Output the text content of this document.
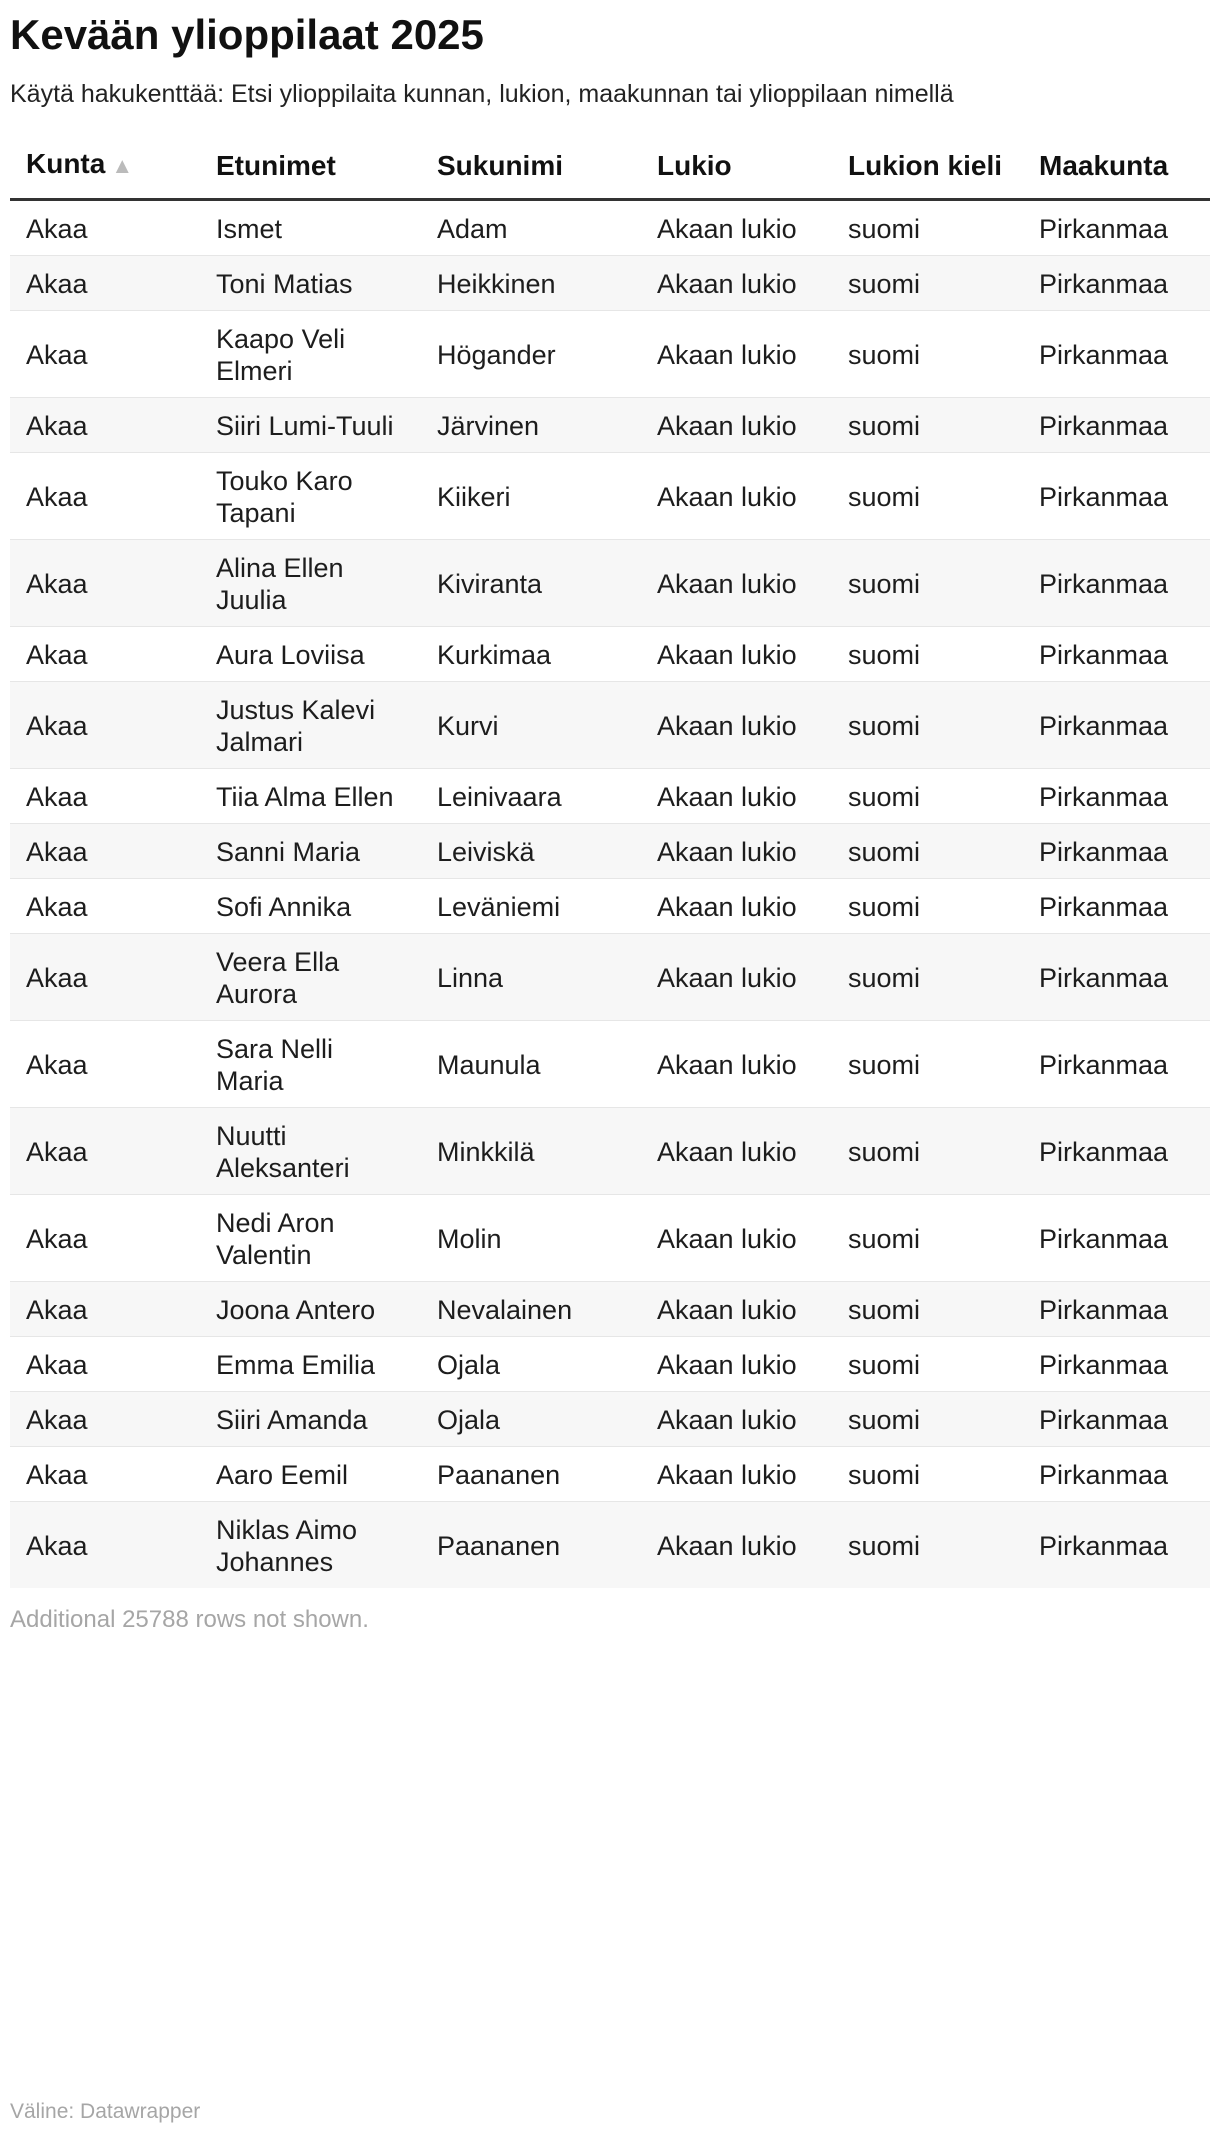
Kevään ylioppilaat 2025
Käytä hakukenttää: Etsi ylioppilaita kunnan, lukion, maakunnan tai ylioppilaan nimellä
Kunta ▲	Etunimet	Sukunimi	Lukio	Lukion kieli	Maakunta
Akaa	Ismet	Adam	Akaan lukio	suomi	Pirkanmaa
Akaa	Toni Matias	Heikkinen	Akaan lukio	suomi	Pirkanmaa
Akaa	Kaapo Veli Elmeri	Högander	Akaan lukio	suomi	Pirkanmaa
Akaa	Siiri Lumi-Tuuli	Järvinen	Akaan lukio	suomi	Pirkanmaa
Akaa	Touko Karo Tapani	Kiikeri	Akaan lukio	suomi	Pirkanmaa
Akaa	Alina Ellen Juulia	Kiviranta	Akaan lukio	suomi	Pirkanmaa
Akaa	Aura Loviisa	Kurkimaa	Akaan lukio	suomi	Pirkanmaa
Akaa	Justus Kalevi Jalmari	Kurvi	Akaan lukio	suomi	Pirkanmaa
Akaa	Tiia Alma Ellen	Leinivaara	Akaan lukio	suomi	Pirkanmaa
Akaa	Sanni Maria	Leiviskä	Akaan lukio	suomi	Pirkanmaa
Akaa	Sofi Annika	Leväniemi	Akaan lukio	suomi	Pirkanmaa
Akaa	Veera Ella Aurora	Linna	Akaan lukio	suomi	Pirkanmaa
Akaa	Sara Nelli Maria	Maunula	Akaan lukio	suomi	Pirkanmaa
Akaa	Nuutti Aleksanteri	Minkkilä	Akaan lukio	suomi	Pirkanmaa
Akaa	Nedi Aron Valentin	Molin	Akaan lukio	suomi	Pirkanmaa
Akaa	Joona Antero	Nevalainen	Akaan lukio	suomi	Pirkanmaa
Akaa	Emma Emilia	Ojala	Akaan lukio	suomi	Pirkanmaa
Akaa	Siiri Amanda	Ojala	Akaan lukio	suomi	Pirkanmaa
Akaa	Aaro Eemil	Paananen	Akaan lukio	suomi	Pirkanmaa
Akaa	Niklas Aimo Johannes	Paananen	Akaan lukio	suomi	Pirkanmaa
Additional 25788 rows not shown.
Väline: Datawrapper
